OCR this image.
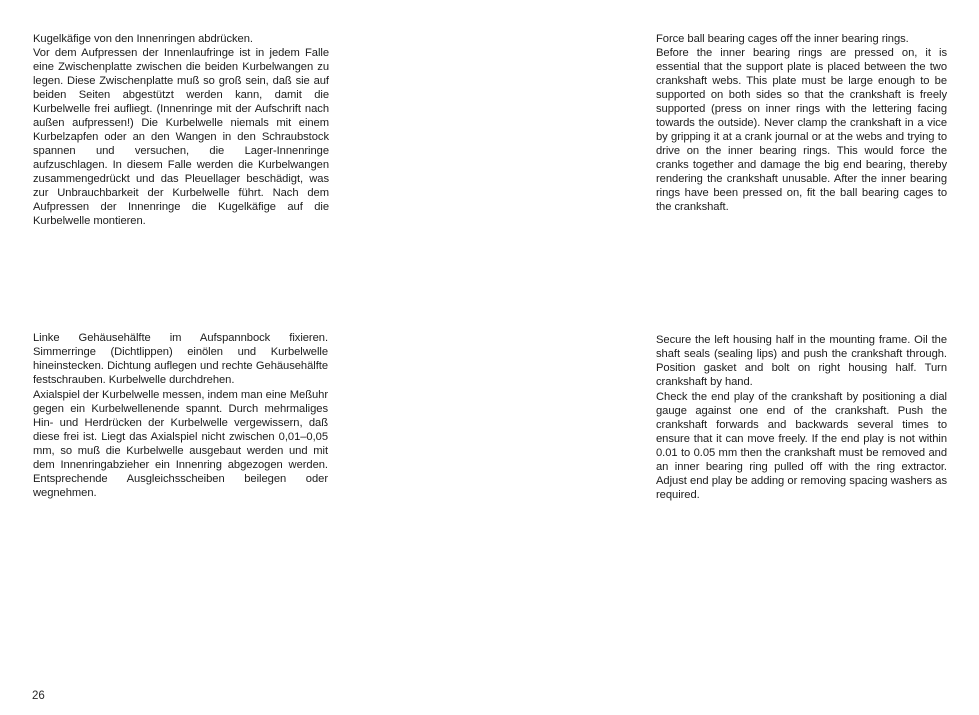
Kugelkäfige von den Innenringen abdrücken.
Vor dem Aufpressen der Innenlaufringe ist in jedem Falle eine Zwischenplatte zwischen die beiden Kurbelwangen zu legen. Diese Zwischenplatte muß so groß sein, daß sie auf beiden Seiten abgestützt werden kann, damit die Kurbelwelle frei aufliegt. (Innenringe mit der Aufschrift nach außen aufpressen!) Die Kurbelwelle niemals mit einem Kurbelzapfen oder an den Wangen in den Schraubstock spannen und versuchen, die Lager-Innenringe aufzuschlagen. In diesem Falle werden die Kurbelwangen zusammengedrückt und das Pleuellager beschädigt, was zur Unbrauchbarkeit der Kurbelwelle führt. Nach dem Aufpressen der Innenringe die Kugelkäfige auf die Kurbelwelle montieren.

Force ball bearing cages off the inner bearing rings.
Before the inner bearing rings are pressed on, it is essential that the support plate is placed between the two crankshaft webs. This plate must be large enough to be supported on both sides so that the crankshaft is freely supported (press on inner rings with the lettering facing towards the outside). Never clamp the crankshaft in a vice by gripping it at a crank journal or at the webs and trying to drive on the inner bearing rings. This would force the cranks together and damage the big end bearing, thereby rendering the crankshaft unusable. After the inner bearing rings have been pressed on, fit the ball bearing cages to the crankshaft.

Linke Gehäusehälfte im Aufspannbock fixieren. Simmerringe (Dichtlippen) einölen und Kurbelwelle hineinstecken. Dichtung auflegen und rechte Gehäusehälfte festschrauben. Kurbelwelle durchdrehen.

Axialspiel der Kurbelwelle messen, indem man eine Meßuhr gegen ein Kurbelwellenende spannt. Durch mehrmaliges Hin- und Herdrücken der Kurbelwelle vergewissern, daß diese frei ist. Liegt das Axialspiel nicht zwischen 0,01–0,05 mm, so muß die Kurbelwelle ausgebaut werden und mit dem Innenringabzieher ein Innenring abgezogen werden. Entsprechende Ausgleichsscheiben beilegen oder wegnehmen.

Secure the left housing half in the mounting frame. Oil the shaft seals (sealing lips) and push the crankshaft through. Position gasket and bolt on right housing half. Turn crankshaft by hand.

Check the end play of the crankshaft by positioning a dial gauge against one end of the crankshaft. Push the crankshaft forwards and backwards several times to ensure that it can move freely. If the end play is not within 0.01 to 0.05 mm then the crankshaft must be removed and an inner bearing ring pulled off with the ring extractor. Adjust end play be adding or removing spacing washers as required.

26
